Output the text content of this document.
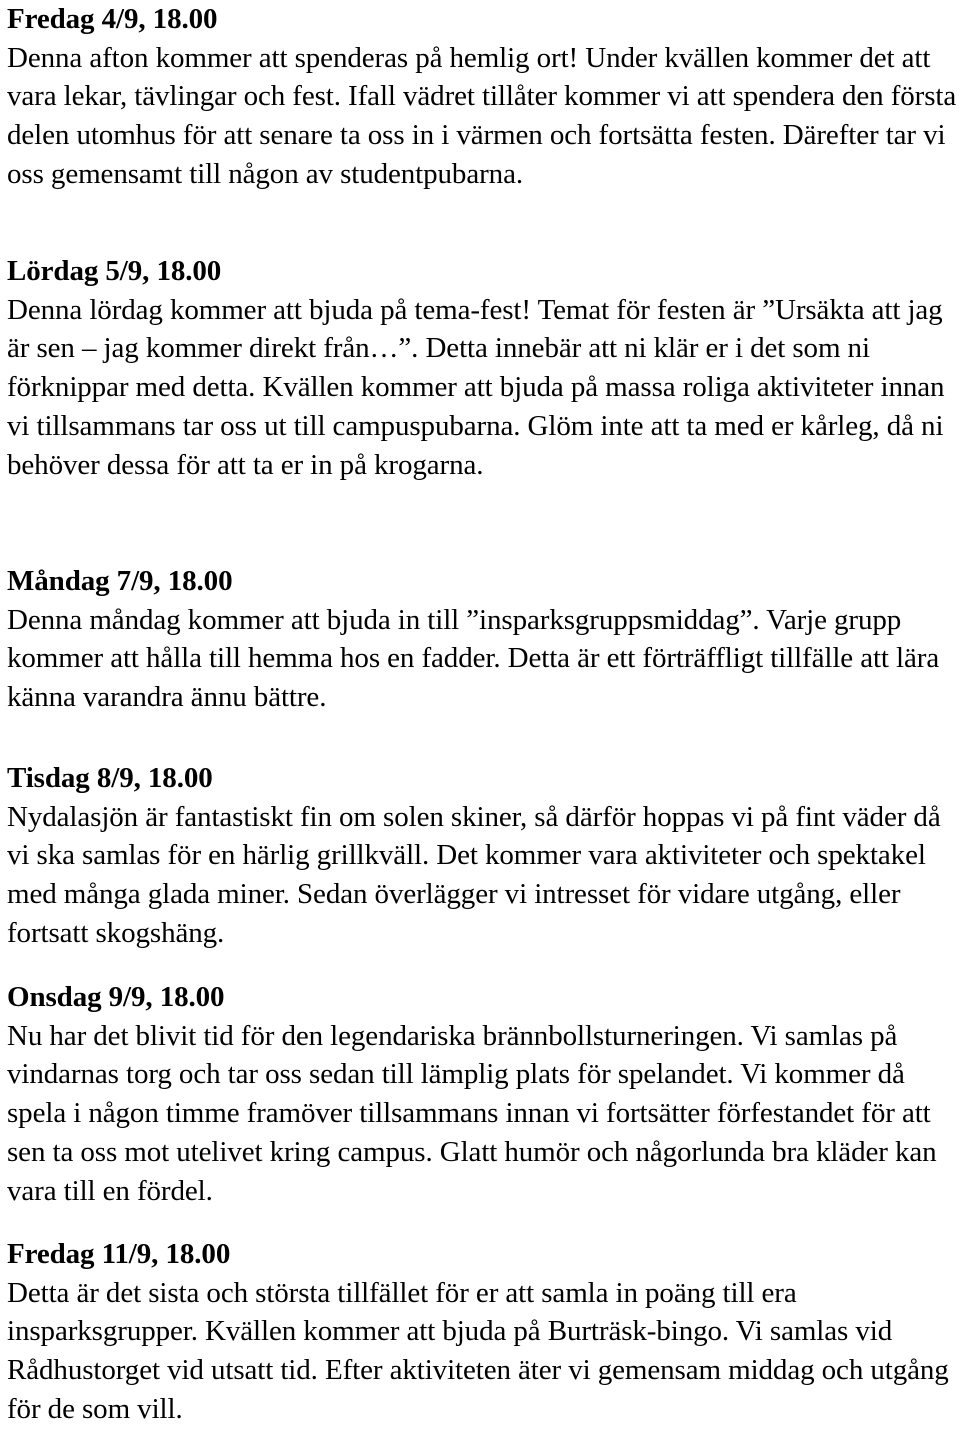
Fredag 4/9, 18.00
Denna afton kommer att spenderas på hemlig ort! Under kvällen kommer det att vara lekar, tävlingar och fest. Ifall vädret tillåter kommer vi att spendera den första delen utomhus för att senare ta oss in i värmen och fortsätta festen. Därefter tar vi oss gemensamt till någon av studentpubarna.
Lördag 5/9, 18.00
Denna lördag kommer att bjuda på tema-fest! Temat för festen är ”Ursäkta att jag är sen – jag kommer direkt från…”. Detta innebär att ni klär er i det som ni förknippar med detta. Kvällen kommer att bjuda på massa roliga aktiviteter innan vi tillsammans tar oss ut till campuspubarna. Glöm inte att ta med er kårleg, då ni behöver dessa för att ta er in på krogarna.
Måndag 7/9, 18.00
Denna måndag kommer att bjuda in till ”insparksgruppsmiddag”. Varje grupp kommer att hålla till hemma hos en fadder. Detta är ett förträffligt tillfälle att lära känna varandra ännu bättre.
Tisdag 8/9, 18.00
Nydalasjön är fantastiskt fin om solen skiner, så därför hoppas vi på fint väder då vi ska samlas för en härlig grillkväll. Det kommer vara aktiviteter och spektakel med många glada miner. Sedan överlägger vi intresset för vidare utgång, eller fortsatt skogshäng.
Onsdag 9/9, 18.00
Nu har det blivit tid för den legendariska brännbollsturneringen. Vi samlas på vindarnas torg och tar oss sedan till lämplig plats för spelandet. Vi kommer då spela i någon timme framöver tillsammans innan vi fortsätter förfestandet för att sen ta oss mot utelivet kring campus. Glatt humör och någorlunda bra kläder kan vara till en fördel.
Fredag 11/9, 18.00
Detta är det sista och största tillfället för er att samla in poäng till era insparksgrupper. Kvällen kommer att bjuda på Burträsk-bingo. Vi samlas vid Rådhustorget vid utsatt tid. Efter aktiviteten äter vi gemensam middag och utgång för de som vill.
